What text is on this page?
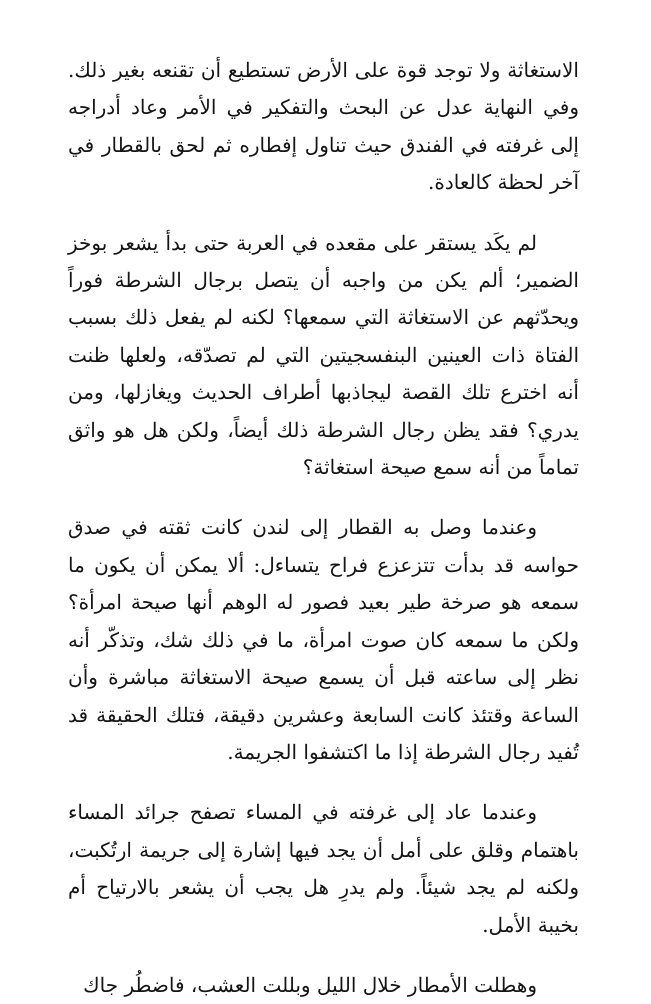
الاستغاثة ولا توجد قوة على الأرض تستطيع أن تقنعه بغير ذلك. وفي النهاية عدل عن البحث والتفكير في الأمر وعاد أدراجه إلى غرفته في الفندق حيث تناول إفطاره ثم لحق بالقطار في آخر لحظة كالعادة.

لم يكَد يستقر على مقعده في العربة حتى بدأ يشعر بوخز الضمير؛ ألم يكن من واجبه أن يتصل برجال الشرطة فوراً ويحدّثهم عن الاستغاثة التي سمعها؟ لكنه لم يفعل ذلك بسبب الفتاة ذات العينين البنفسجيتين التي لم تصدّقه، ولعلها ظنت أنه اخترع تلك القصة ليجاذبها أطراف الحديث ويغازلها، ومن يدري؟ فقد يظن رجال الشرطة ذلك أيضاً، ولكن هل هو واثق تماماً من أنه سمع صيحة استغاثة؟

وعندما وصل به القطار إلى لندن كانت ثقته في صدق حواسه قد بدأت تتزعزع فراح يتساءل: ألا يمكن أن يكون ما سمعه هو صرخة طير بعيد فصور له الوهم أنها صيحة امرأة؟ ولكن ما سمعه كان صوت امرأة، ما في ذلك شك، وتذكّر أنه نظر إلى ساعته قبل أن يسمع صيحة الاستغاثة مباشرة وأن الساعة وقتئذ كانت السابعة وعشرين دقيقة، فتلك الحقيقة قد تُفيد رجال الشرطة إذا ما اكتشفوا الجريمة.

وعندما عاد إلى غرفته في المساء تصفح جرائد المساء باهتمام وقلق على أمل أن يجد فيها إشارة إلى جريمة ارتُكبت، ولكنه لم يجد شيئاً. ولم يدرِ هل يجب أن يشعر بالارتياح أم بخيبة الأمل.

وهطلت الأمطار خلال الليل وبللت العشب، فاضطُر جاك
